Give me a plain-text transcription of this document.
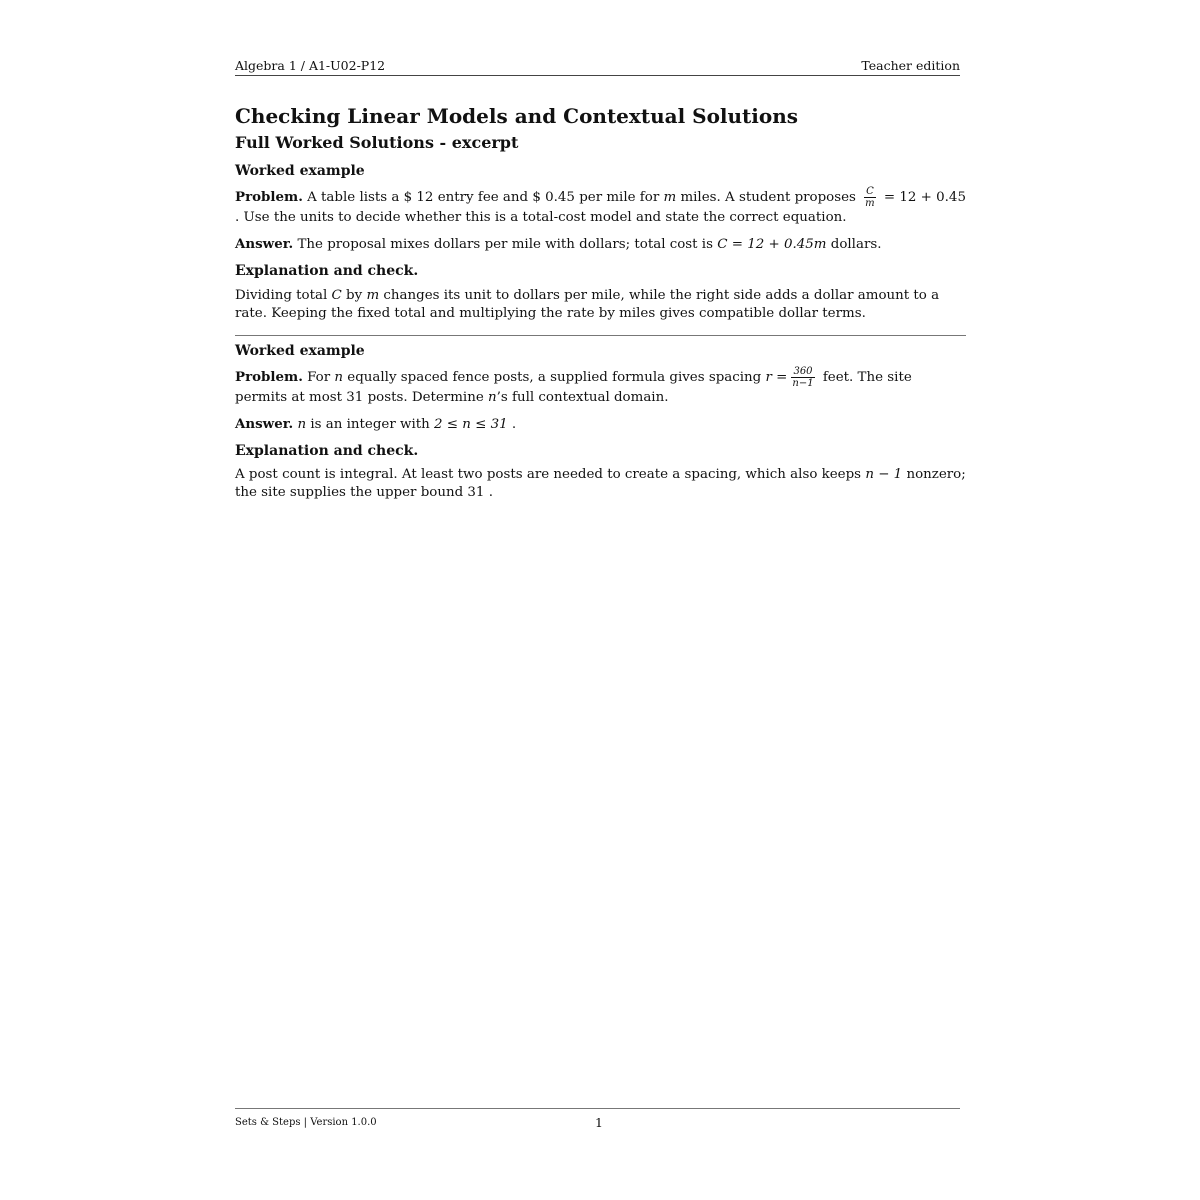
Algebra 1 / A1-U02-P12	Teacher edition
Checking Linear Models and Contextual Solutions
Full Worked Solutions - excerpt
Worked example

Problem. A table lists a $ 12 entry fee and $ 0.45 per mile for m miles. A student proposes $\frac{C}{m} = 12 + 0.45$ . Use the units to decide whether this is a total-cost model and state the correct equation.

Answer. The proposal mixes dollars per mile with dollars; total cost is C = 12 + 0.45m dollars.

Explanation and check.

Dividing total C by m changes its unit to dollars per mile, while the right side adds a dollar amount to a rate. Keeping the fixed total and multiplying the rate by miles gives compatible dollar terms.

Worked example

Problem. For n equally spaced fence posts, a supplied formula gives spacing $r = \frac{360}{n-1}$ feet. The site permits at most 31 posts. Determine n’s full contextual domain.

Answer. n is an integer with 2 ≤ n ≤ 31 .

Explanation and check.

A post count is integral. At least two posts are needed to create a spacing, which also keeps n − 1 nonzero; the site supplies the upper bound 31 .

Sets & Steps | Version 1.0.0	1
